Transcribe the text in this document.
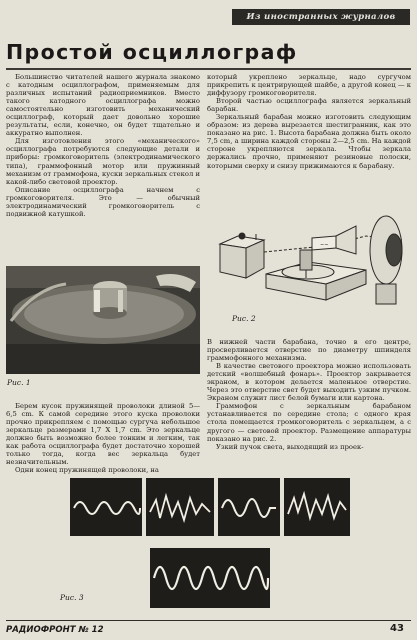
Из иностранных журналов
Простой осциллограф

Большинство читателей нашего журнала знакомо с катодным осциллографом, применяемым для различных испытаний радиоприемников. Вместо такого катодного осциллографа можно самостоятельно изготовить механический осциллограф, который дает довольно хорошие результаты, если, конечно, он будет тщательно и аккуратно выполнен.

Для изготовления этого «механического» осциллографа потребуются следующие детали и приборы: громкоговоритель (электродинамического типа), граммофонный мотор или пружинный механизм от граммофона, куски зеркальных стекол и какой-либо световой проектор.

Описание осциллографа начнем с громкоговорителя. Это — обычный электродинамический громкоговоритель с подвижной катушкой.

Рис. 1

Берем кусок пружинящей проволоки длиной 5—6,5 cm. К самой середине этого куска проволоки прочно прикрепляем с помощью сургуча небольшое зеркальце размерами 1,7 X 1,7 cm. Это зеркальце должно быть возможно более тонким и легким, так как работа осциллографа будет достаточно хорошей только тогда, когда вес зеркальца будет незначительным.

Одни конец пружинящей проволоки, на

который укреплено зеркальце, надо сургучом прикрепить к центрирующей шайбе, а другой конец — к диффузору громкоговорителя.

Второй частью осциллографа является зеркальный барабан.

Зеркальный барабан можно изготовить следующим образом: из дерева вырезается шестигранник, как это показано на рис. 1. Высота барабана должна быть около 7,5 cm, а ширина каждой стороны 2—2,5 cm. На каждой стороне укрепляются зеркала. Чтобы зеркала держались прочно, применяют резиновые полоски, которыми сверху и снизу прижимаются к барабану.

~~
Рис. 2

В нижней части барабана, точно в его центре, просверливается отверстие по диаметру шпинделя граммофонного механизма.

В качестве светового проектора можно использовать детский «волшебный фонарь». Проектор закрывается экраном, в котором делается маленькое отверстие. Через это отверстие свет будет выходить узким пучком. Экраном служит лист белой бумаги или картона.

Граммофон с зеркальным барабаном устанавливается по середине стола; с одного края стола помещается громкоговоритель с зеркальцем, а с другого — световой проектор. Размещение аппаратуры показано на рис. 2.

Узкий пучок света, выходящий из проек-

Рис. 3
РАДИОФРОНТ № 12	43
